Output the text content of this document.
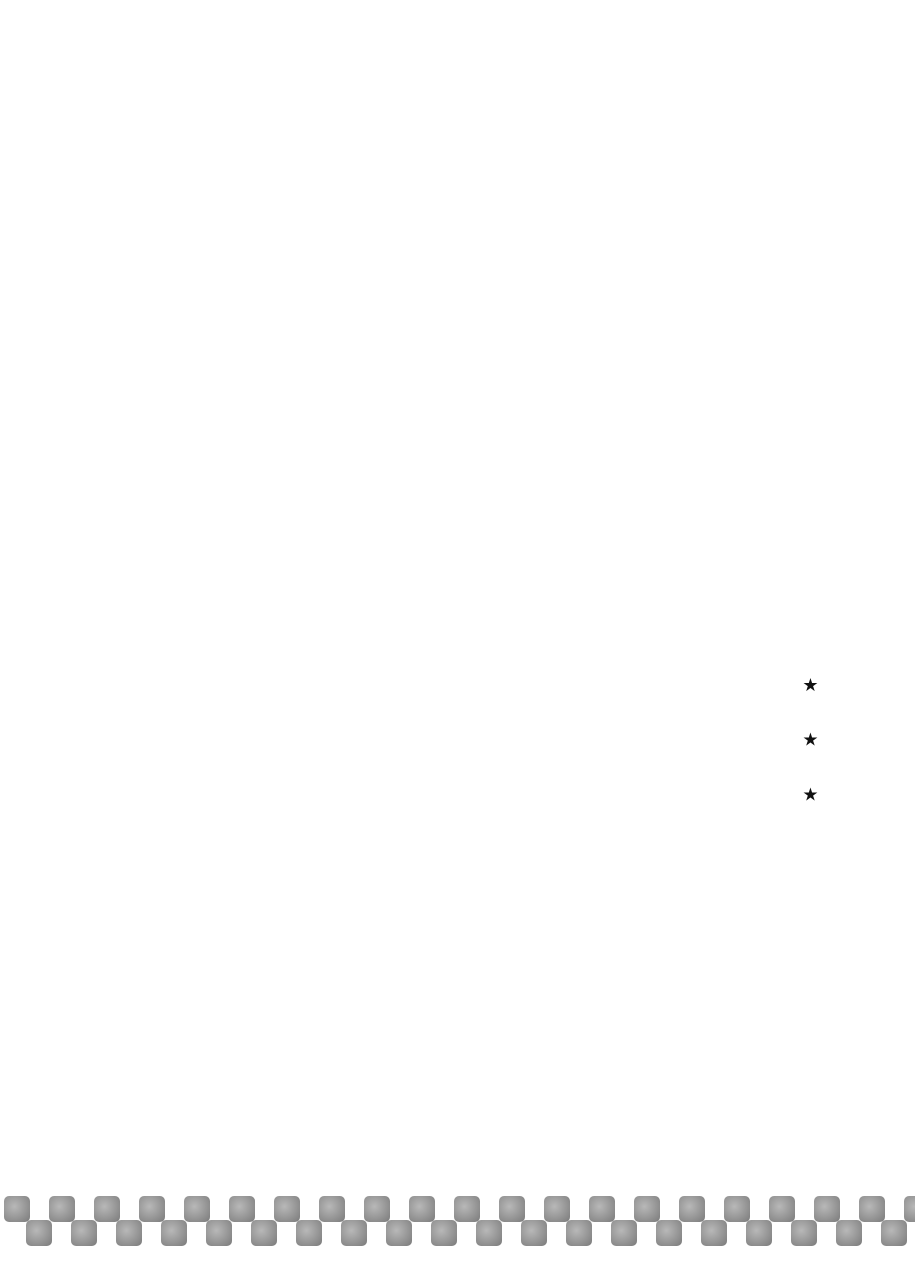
★ ★ ★
